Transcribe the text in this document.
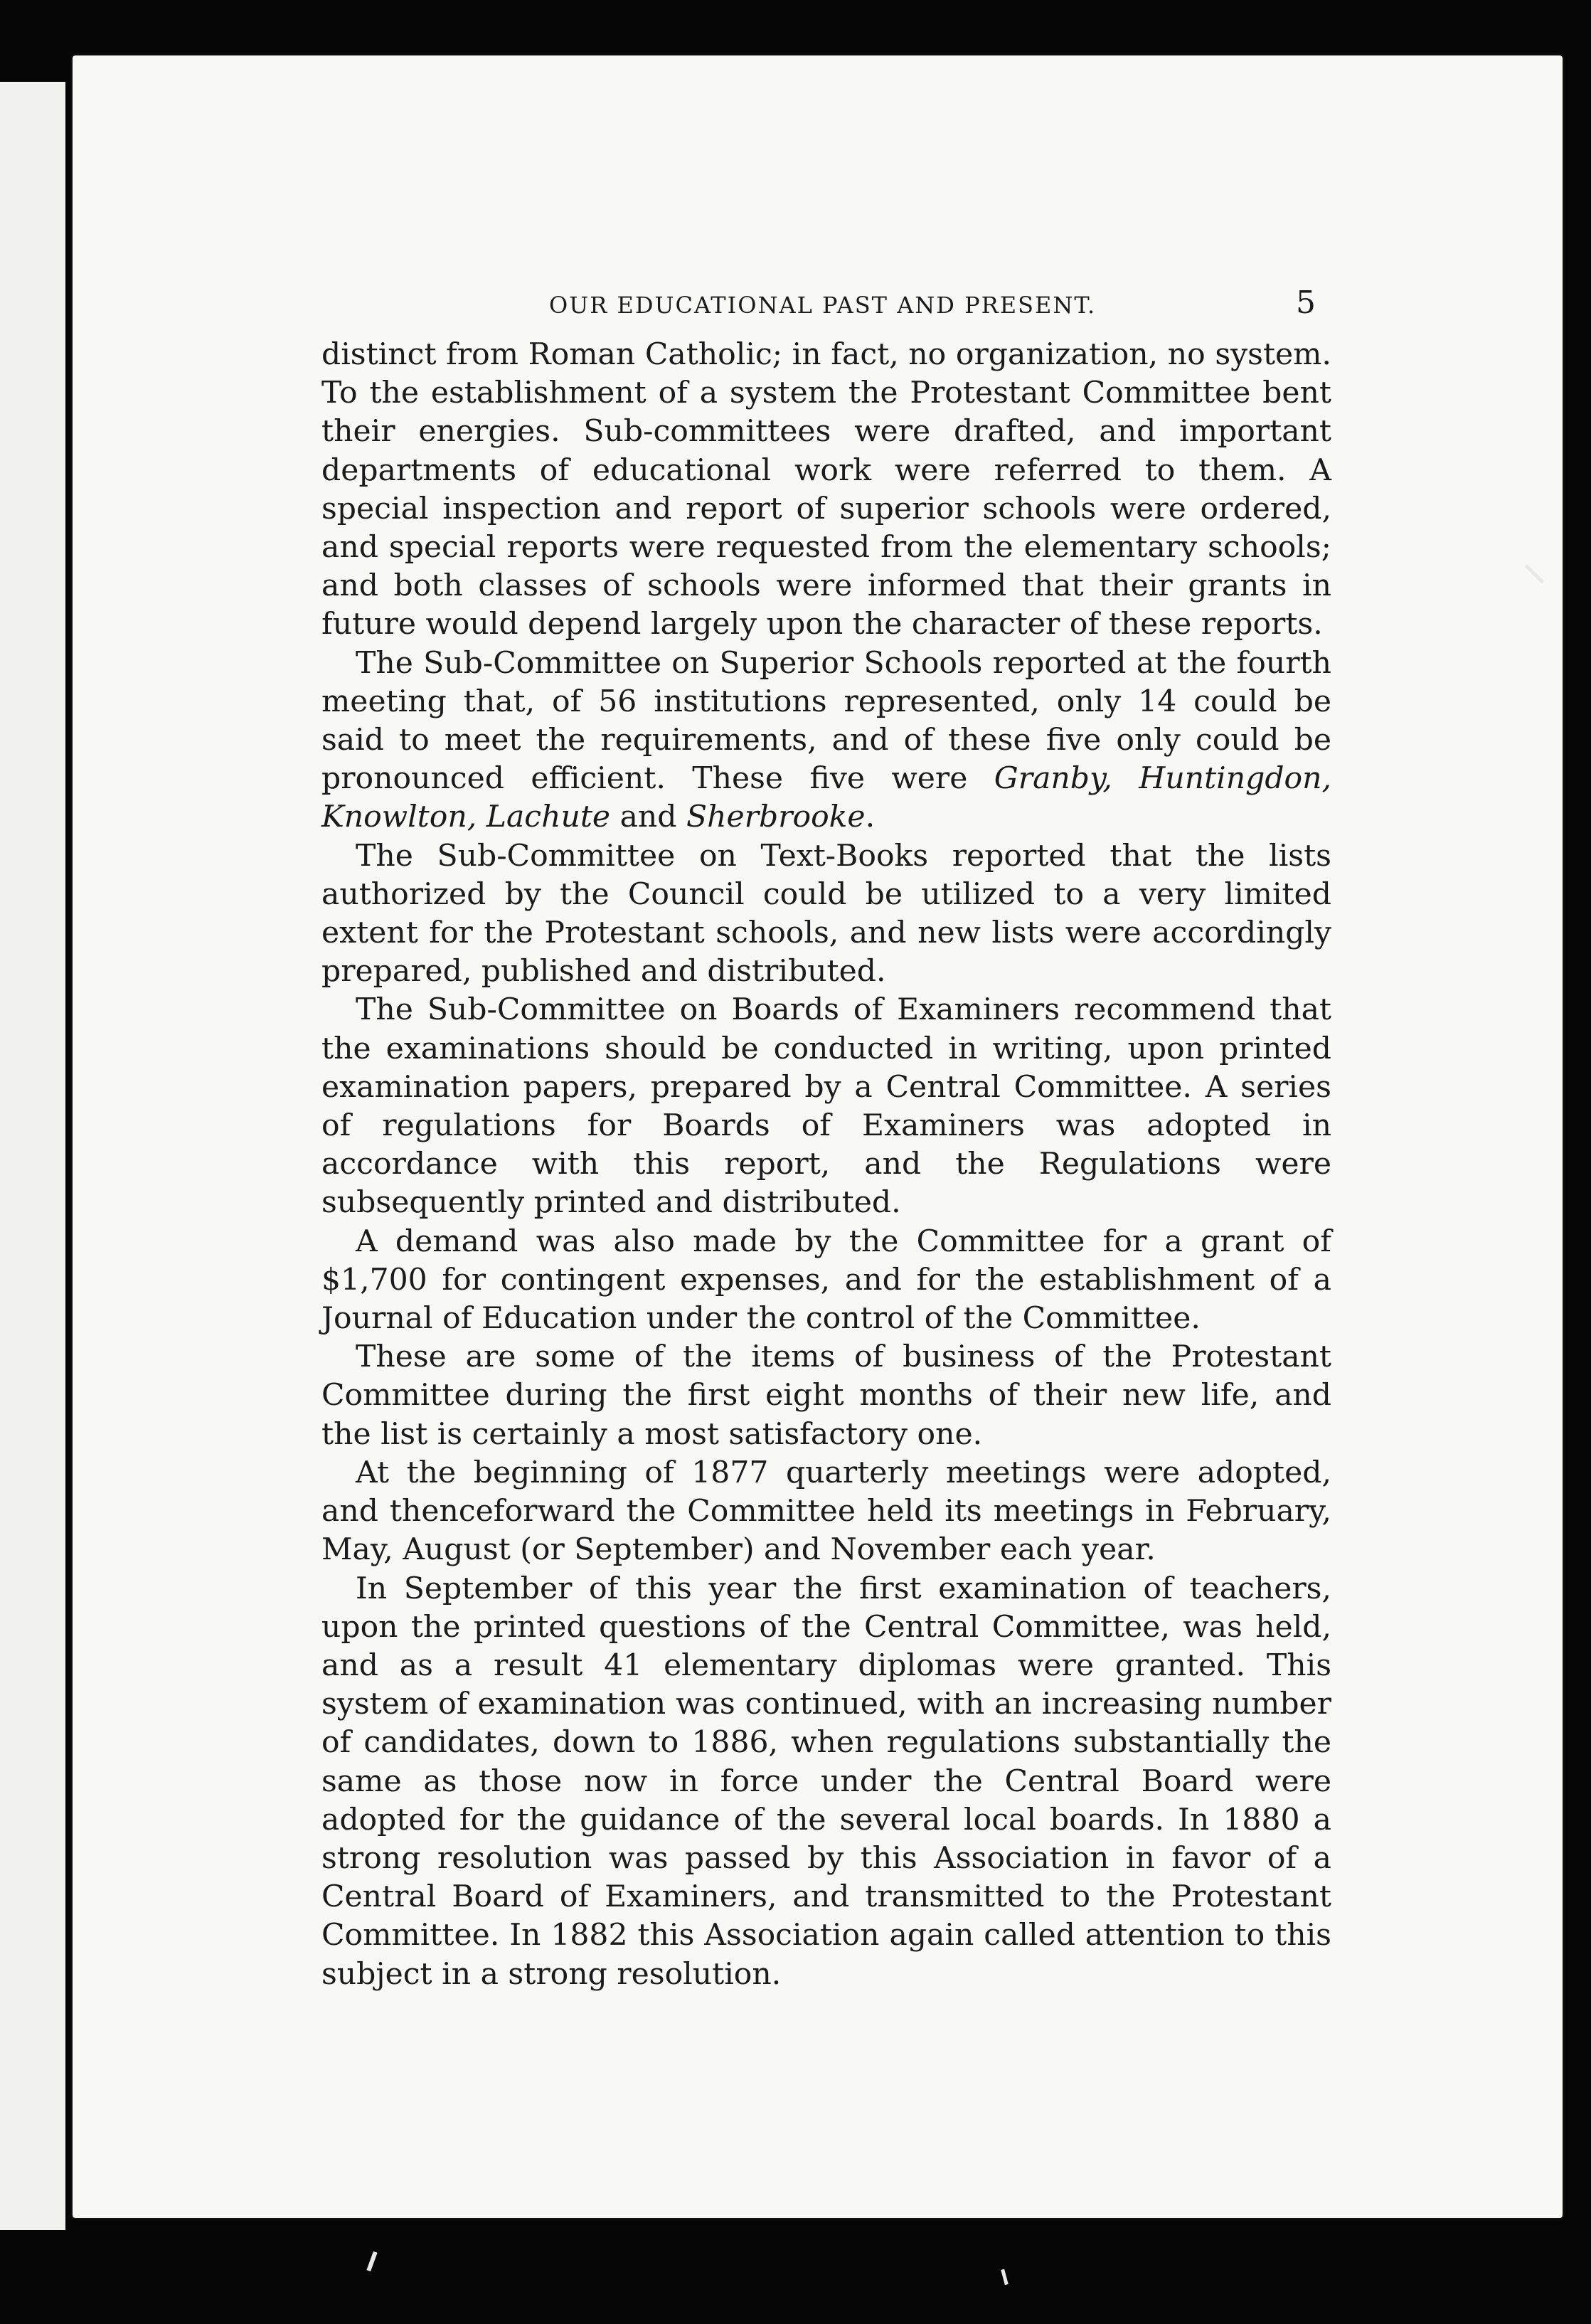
OUR EDUCATIONAL PAST AND PRESENT.	5

distinct from Roman Catholic; in fact, no organization, no system. To the establishment of a system the Protestant Committee bent their energies. Sub-committees were drafted, and important departments of educational work were referred to them. A special inspection and report of superior schools were ordered, and special reports were requested from the elementary schools; and both classes of schools were informed that their grants in future would depend largely upon the character of these reports.

The Sub-Committee on Superior Schools reported at the fourth meeting that, of 56 institutions represented, only 14 could be said to meet the requirements, and of these five only could be pronounced efficient. These five were Granby, Huntingdon, Knowlton, Lachute and Sherbrooke.

The Sub-Committee on Text-Books reported that the lists authorized by the Council could be utilized to a very limited extent for the Protestant schools, and new lists were accordingly prepared, published and distributed.

The Sub-Committee on Boards of Examiners recommend that the examinations should be conducted in writing, upon printed examination papers, prepared by a Central Committee. A series of regulations for Boards of Examiners was adopted in accordance with this report, and the Regulations were subsequently printed and distributed.

A demand was also made by the Committee for a grant of $1,700 for contingent expenses, and for the establishment of a Journal of Education under the control of the Committee.

These are some of the items of business of the Protestant Committee during the first eight months of their new life, and the list is certainly a most satisfactory one.

At the beginning of 1877 quarterly meetings were adopted, and thenceforward the Committee held its meetings in February, May, August (or September) and November each year.

In September of this year the first examination of teachers, upon the printed questions of the Central Committee, was held, and as a result 41 elementary diplomas were granted. This system of examination was continued, with an increasing number of candidates, down to 1886, when regulations substantially the same as those now in force under the Central Board were adopted for the guidance of the several local boards. In 1880 a strong resolution was passed by this Association in favor of a Central Board of Examiners, and transmitted to the Protestant Committee. In 1882 this Association again called attention to this subject in a strong resolution.
